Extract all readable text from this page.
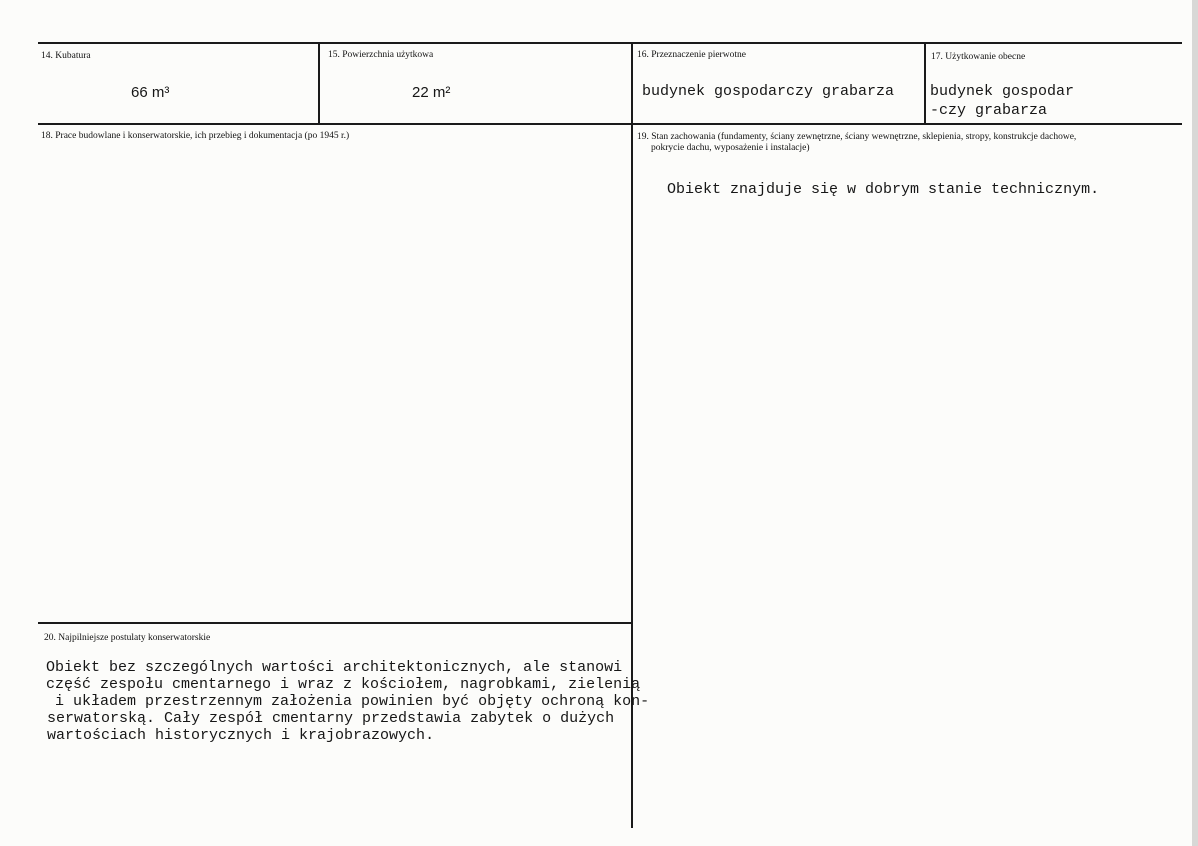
14. Kubatura
66 m³
15. Powierzchnia użytkowa
22 m²
16. Przeznaczenie pierwotne
budynek gospodarczy grabarza
17. Użytkowanie obecne
budynek gospodar
-czy grabarza
18. Prace budowlane i konserwatorskie, ich przebieg i dokumentacja (po 1945 r.)	19. Stan zachowania (fundamenty, ściany zewnętrzne, ściany wewnętrzne, sklepienia, stropy, konstrukcje dachowe,
pokrycie dachu, wyposażenie i instalacje)
Obiekt znajduje się w dobrym stanie technicznym.
20. Najpilniejsze postulaty konserwatorskie
Obiekt bez szczególnych wartości architektonicznych, ale stanowi
część zespołu cmentarnego i wraz z kościołem, nagrobkami, zielenią
i układem przestrzennym założenia powinien być objęty ochroną kon-
serwatorską. Cały zespół cmentarny przedstawia zabytek o dużych
wartościach historycznych i krajobrazowych.
